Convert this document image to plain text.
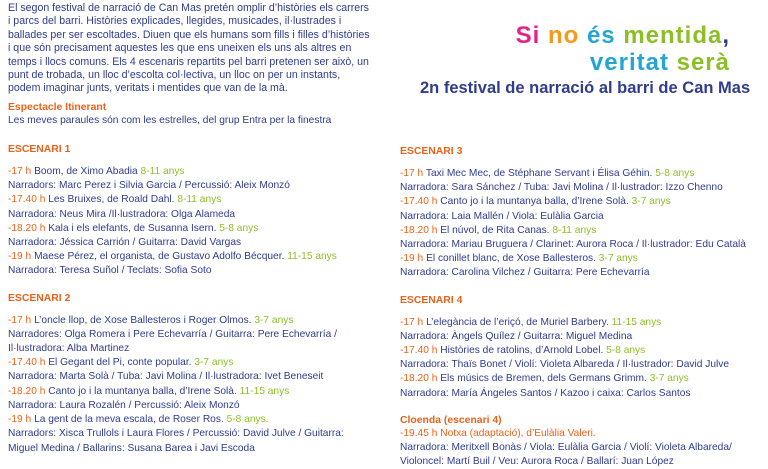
El segon festival de narració de Can Mas pretén omplir d’històries els carrers i parcs del barri. Històries explicades, llegides, musicades, il·lustrades i ballades per ser escoltades. Diuen que els humans som fills i filles d’històries i que són precisament aquestes les que ens uneixen els uns als altres en temps i llocs comuns. Els 4 escenaris repartits pel barri pretenen ser això, un punt de trobada, un lloc d’escolta col·lectiva, un lloc on per un instants, podem imaginar junts, veritats i mentides que van de la mà.

Espectacle Itinerant

Les meves paraules són com les estrelles, del grup Entra per la finestra

ESCENARI 1

-17 h Boom, de Ximo Abadia 8-11 anys

Narradors: Marc Perez i Silvia Garcia / Percussió: Aleix Monzó

-17.40 h Les Bruixes, de Roald Dahl. 8-11 anys

Narradora: Neus Mira /Il·lustradora: Olga Alameda

-18.20 h Kala i els elefants, de Susanna Isern. 5-8 anys

Narradora: Jéssica Carrión / Guitarra: David Vargas

-19 h Maese Pérez, el organista, de Gustavo Adolfo Bécquer. 11-15 anys

Narradora: Teresa Suñol / Teclats: Sofia Soto

ESCENARI 2

-17 h L’oncle llop, de Xose Ballesteros i Roger Olmos. 3-7 anys

Narradores: Olga Romera i Pere Echevarría / Guitarra: Pere Echevarría /

Il·lustradora: Alba Martinez

-17.40 h El Gegant del Pi, conte popular. 3-7 anys

Narradora: Marta Solà / Tuba: Javi Molina / Il·lustradora: Ivet Beneseit

-18.20 h Canto jo i la muntanya balla, d’Irene Solà. 11-15 anys

Narradora: Laura Rozalén / Percussió: Aleix Monzó

-19 h La gent de la meva escala, de Roser Ros. 5-8 anys.

Narradors: Xisca Trullols i Laura Flores / Percussió: David Julve / Guitarra:

Miguel Medina / Ballarins: Susana Barea i Javi Escoda

Si no és mentida,
veritat serà
2n festival de narració al barri de Can Mas

ESCENARI 3

-17 h Taxi Mec Mec, de Stéphane Servant i Élisa Géhin. 5-8 anys

Narradora: Sara Sánchez / Tuba: Javi Molina / Il·lustrador: Izzo Chenno

-17.40 h Canto jo i la muntanya balla, d’Irene Solà. 3-7 anys

Narradora: Laia Mallén / Viola: Eulàlia Garcia

-18.20 h El núvol, de Rita Canas. 8-11 anys

Narradora: Mariau Bruguera / Clarinet: Aurora Roca / Il·lustrador: Edu Català

-19 h El conillet blanc, de Xose Ballesteros. 3-7 anys

Narradora: Carolina Vilchez / Guitarra: Pere Echevarría

ESCENARI 4

-17 h L’elegància de l’eriçó, de Muriel Barbery. 11-15 anys

Narradora: Àngels Quílez / Guitarra: Miguel Medina

-17.40 h Històries de ratolins, d’Arnold Lobel. 5-8 anys

Narradora: Thaïs Bonet / Violí: Violeta Albareda / Il·lustrador: David Julve

-18.20 h Els músics de Bremen, dels Germans Grimm. 3-7 anys

Narradora: María Ángeles Santos / Kazoo i caixa: Carlos Santos

Cloenda (escenari 4)

-19.45 h Notxa (adaptació), d’Eulàlia Valeri.

Narradora: Meritxell Bonàs / Viola: Eulàlia Garcia / Violí: Violeta Albareda/

Violoncel: Martí Buil / Veu: Aurora Roca / Ballarí: Juan López
